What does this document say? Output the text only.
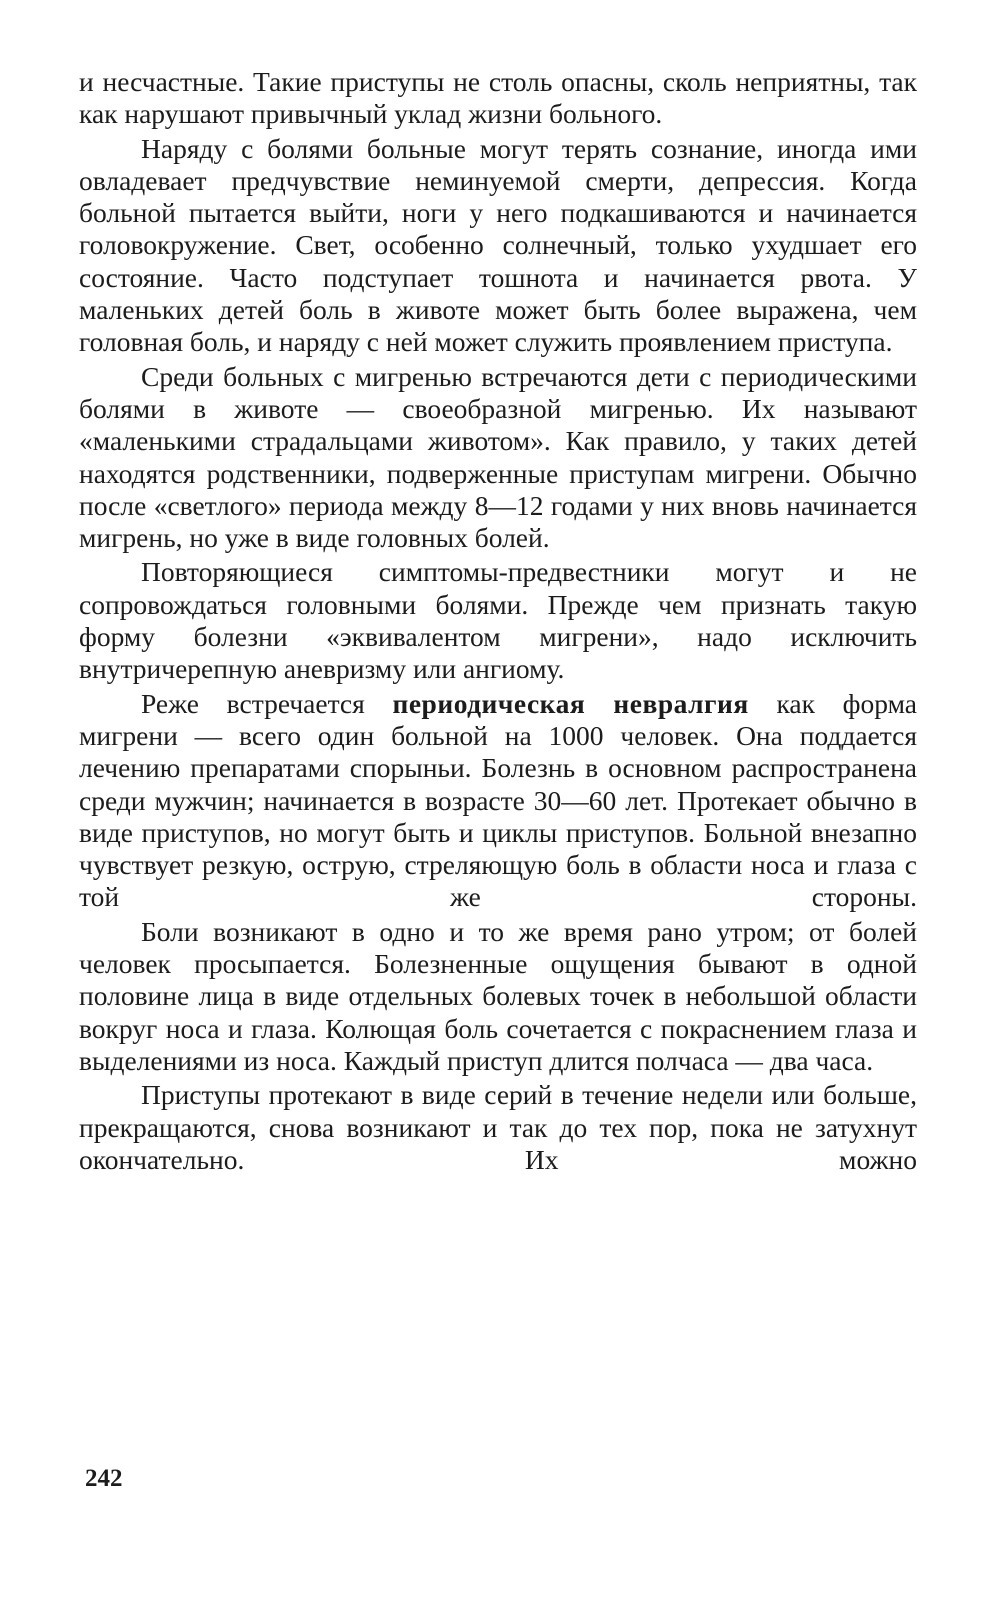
и несчастные. Такие приступы не столь опасны, сколь неприятны, так как нарушают привычный уклад жизни больного.

Наряду с болями больные могут терять сознание, иногда ими овладевает предчувствие неминуемой смерти, депрессия. Когда больной пытается выйти, ноги у него подкашиваются и начинается головокружение. Свет, особенно солнечный, только ухудшает его состояние. Часто подступает тошнота и начинается рвота. У маленьких детей боль в животе может быть более выражена, чем головная боль, и наряду с ней может служить проявлением приступа.

Среди больных с мигренью встречаются дети с периодическими болями в животе — своеобразной мигренью. Их называют «маленькими страдальцами животом». Как правило, у таких детей находятся родственники, подверженные приступам мигрени. Обычно после «светлого» периода между 8—12 годами у них вновь начинается мигрень, но уже в виде головных болей.

Повторяющиеся симптомы-предвестники могут и не сопровождаться головными болями. Прежде чем признать такую форму болезни «эквивалентом мигрени», надо исключить внутричерепную аневризму или ангиому.

Реже встречается периодическая невралгия как форма мигрени — всего один больной на 1000 человек. Она поддается лечению препаратами спорыньи. Болезнь в основном распространена среди мужчин; начинается в возрасте 30—60 лет. Протекает обычно в виде приступов, но могут быть и циклы приступов. Больной внезапно чувствует резкую, острую, стреляющую боль в области носа и глаза с той же стороны.

Боли возникают в одно и то же время рано утром; от болей человек просыпается. Болезненные ощущения бывают в одной половине лица в виде отдельных болевых точек в небольшой области вокруг носа и глаза. Колющая боль сочетается с покраснением глаза и выделениями из носа. Каждый приступ длится полчаса — два часа.

Приступы протекают в виде серий в течение недели или больше, прекращаются, снова возникают и так до тех пор, пока не затухнут окончательно. Их можно

242
